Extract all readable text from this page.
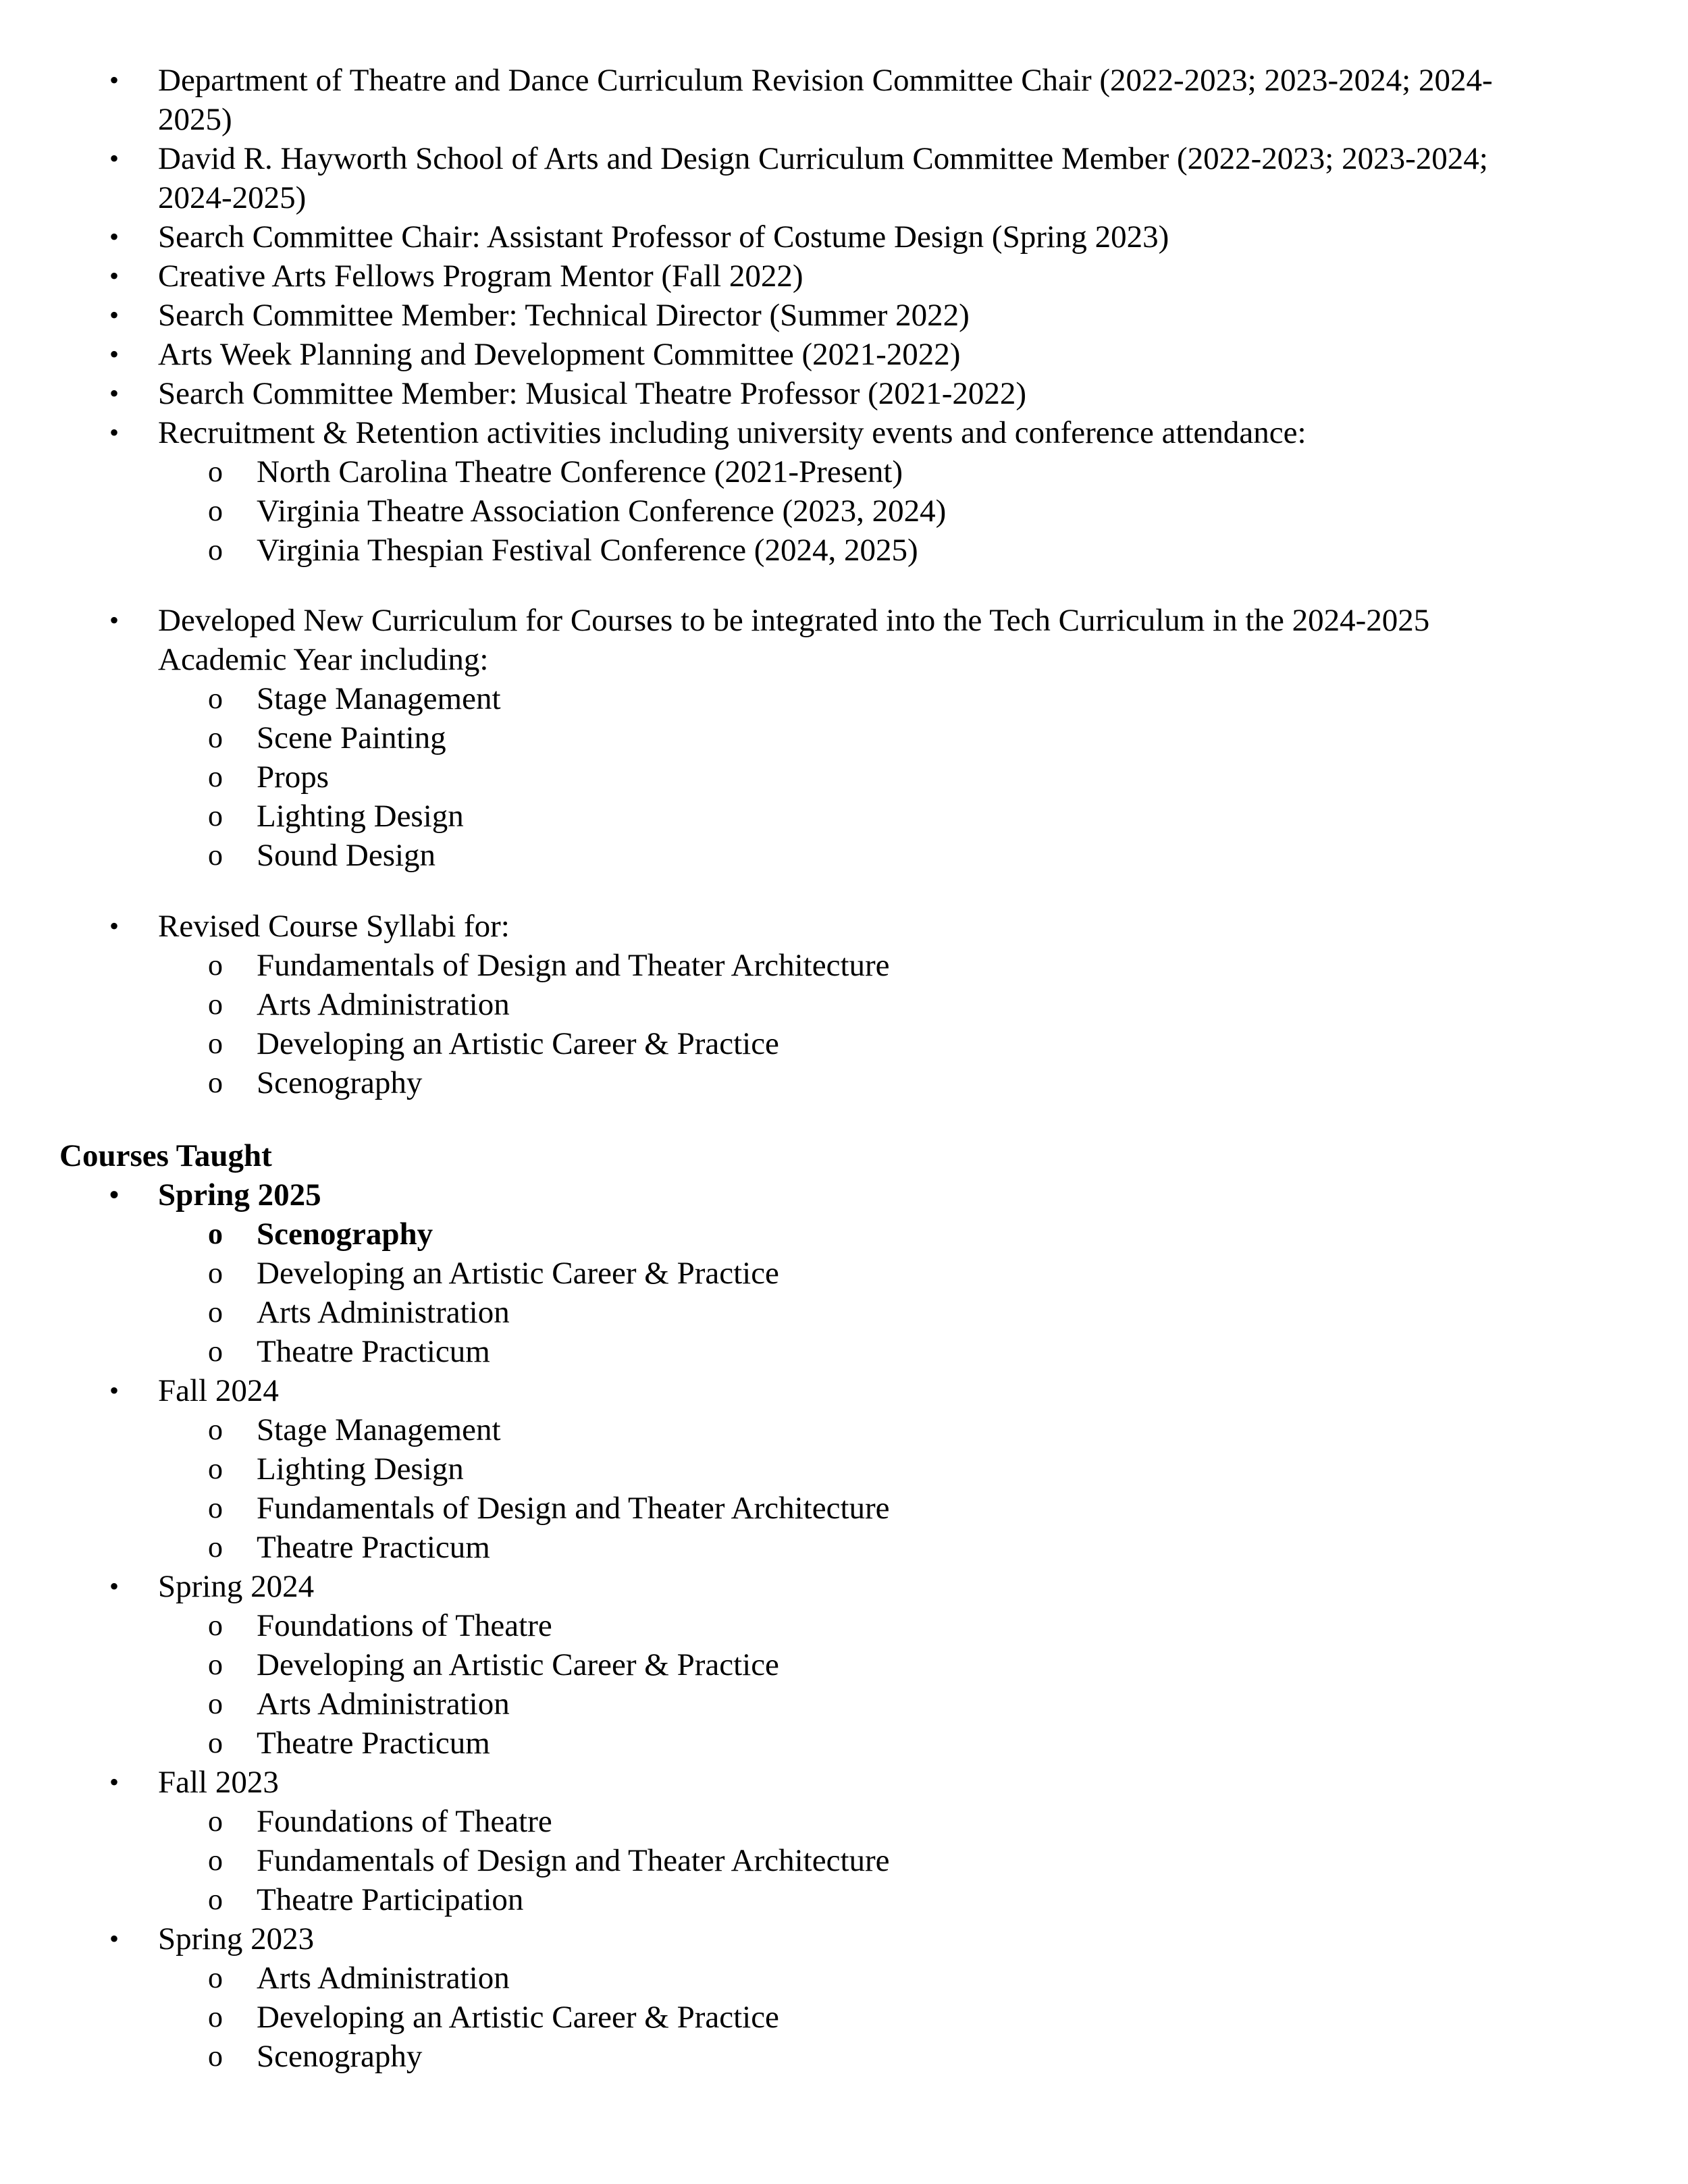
• Department of Theatre and Dance Curriculum Revision Committee Chair (2022-2023; 2023-2024; 2024-2025)
• David R. Hayworth School of Arts and Design Curriculum Committee Member (2022-2023; 2023-2024; 2024-2025)
• Search Committee Chair: Assistant Professor of Costume Design (Spring 2023)
• Creative Arts Fellows Program Mentor (Fall 2022)
• Search Committee Member: Technical Director (Summer 2022)
• Arts Week Planning and Development Committee (2021-2022)
• Search Committee Member: Musical Theatre Professor (2021-2022)
• Recruitment & Retention activities including university events and conference attendance:
o North Carolina Theatre Conference (2021-Present)
o Virginia Theatre Association Conference (2023, 2024)
o Virginia Thespian Festival Conference (2024, 2025)
• Developed New Curriculum for Courses to be integrated into the Tech Curriculum in the 2024-2025 Academic Year including:
o Stage Management
o Scene Painting
o Props
o Lighting Design
o Sound Design
• Revised Course Syllabi for:
o Fundamentals of Design and Theater Architecture
o Arts Administration
o Developing an Artistic Career & Practice
o Scenography
Courses Taught
• Spring 2025
o Scenography
o Developing an Artistic Career & Practice
o Arts Administration
o Theatre Practicum
• Fall 2024
o Stage Management
o Lighting Design
o Fundamentals of Design and Theater Architecture
o Theatre Practicum
• Spring 2024
o Foundations of Theatre
o Developing an Artistic Career & Practice
o Arts Administration
o Theatre Practicum
• Fall 2023
o Foundations of Theatre
o Fundamentals of Design and Theater Architecture
o Theatre Participation
• Spring 2023
o Arts Administration
o Developing an Artistic Career & Practice
o Scenography
